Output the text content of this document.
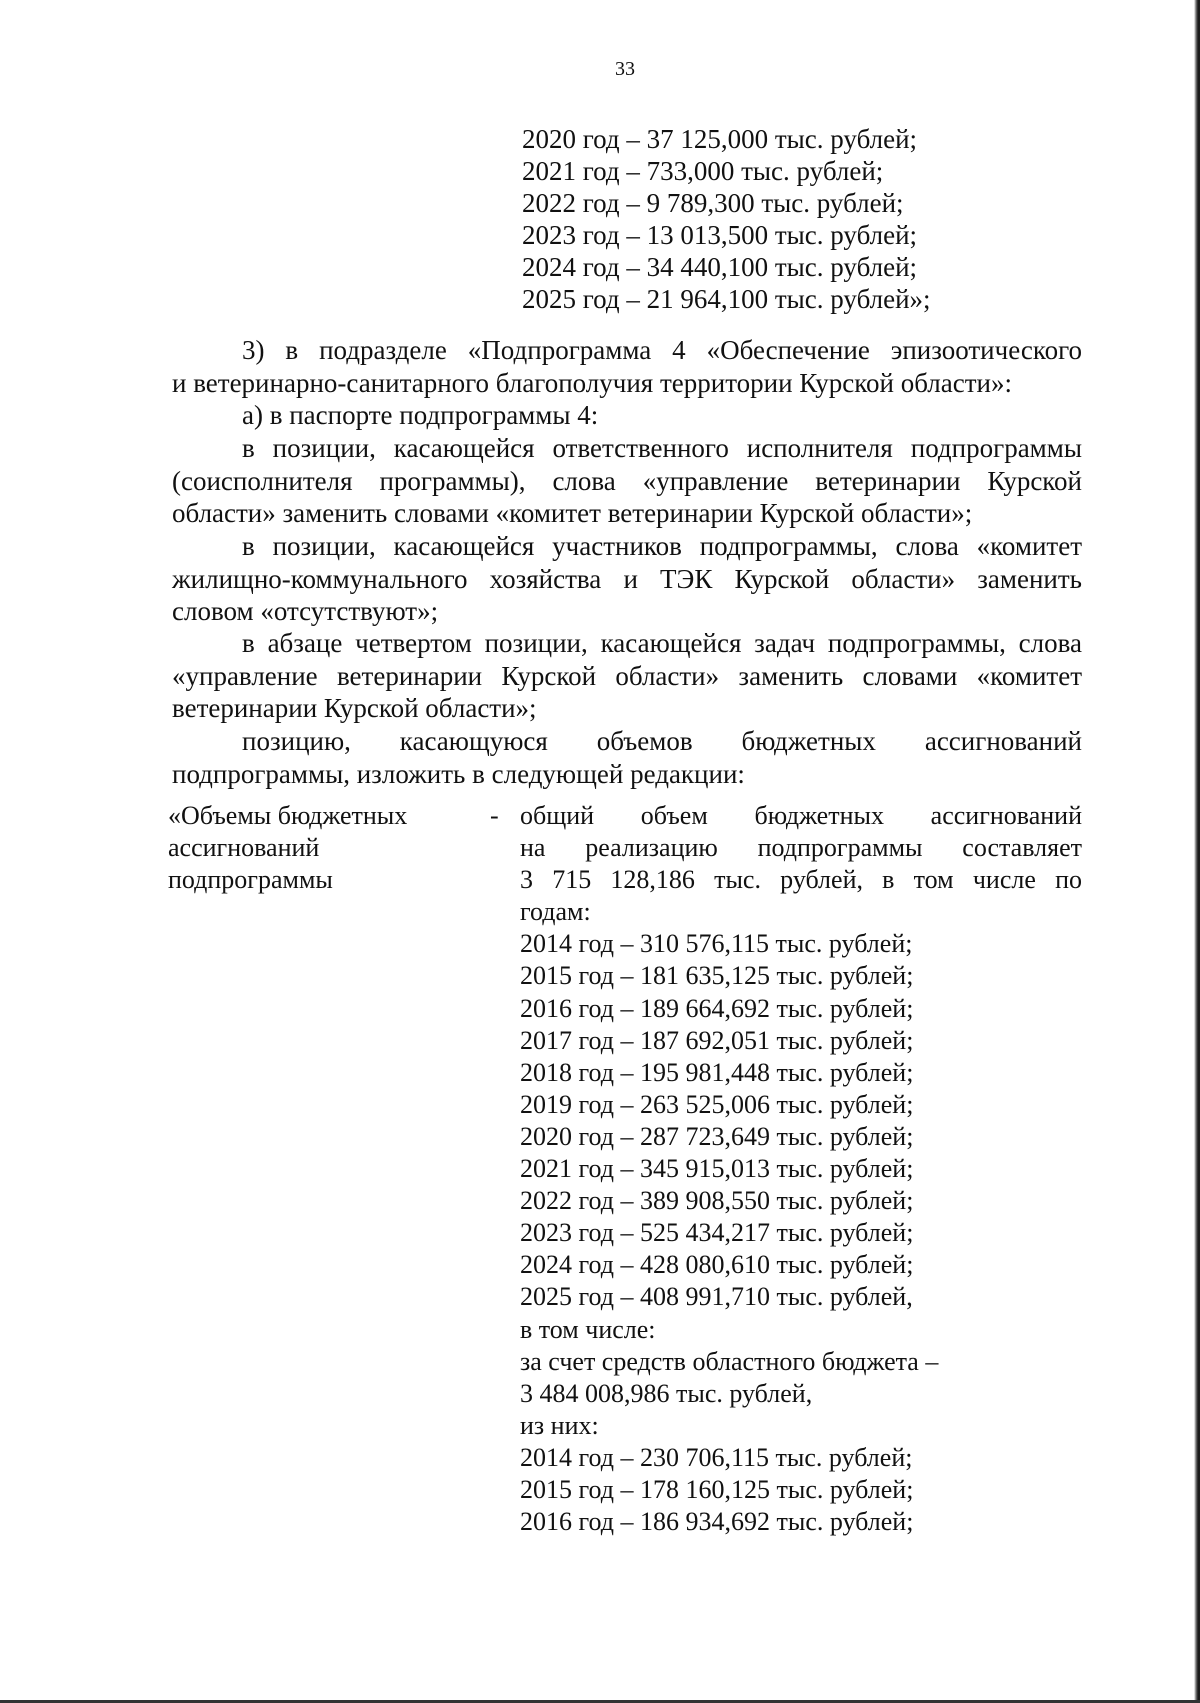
33
2020 год – 37 125,000 тыс. рублей;
2021 год – 733,000 тыс. рублей;
2022 год – 9 789,300 тыс. рублей;
2023 год – 13 013,500 тыс. рублей;
2024 год – 34 440,100 тыс. рублей;
2025 год – 21 964,100 тыс. рублей»;
3) в подразделе «Подпрограмма 4 «Обеспечение эпизоотического
и ветеринарно-санитарного благополучия территории Курской области»:
а) в паспорте подпрограммы 4:
в позиции, касающейся ответственного исполнителя подпрограммы
(соисполнителя программы), слова «управление ветеринарии Курской
области» заменить словами «комитет ветеринарии Курской области»;
в позиции, касающейся участников подпрограммы, слова «комитет
жилищно-коммунального хозяйства и ТЭК Курской области» заменить
словом «отсутствуют»;
в абзаце четвертом позиции, касающейся задач подпрограммы, слова
«управление ветеринарии Курской области» заменить словами «комитет
ветеринарии Курской области»;
позицию, касающуюся объемов бюджетных ассигнований
подпрограммы, изложить в следующей редакции:
«Объемы бюджетных
ассигнований
подпрограммы
- общий объем бюджетных ассигнований
на реализацию подпрограммы составляет
3 715 128,186 тыс. рублей, в том числе по
годам:
2014 год – 310 576,115 тыс. рублей;
2015 год – 181 635,125 тыс. рублей;
2016 год – 189 664,692 тыс. рублей;
2017 год – 187 692,051 тыс. рублей;
2018 год – 195 981,448 тыс. рублей;
2019 год – 263 525,006 тыс. рублей;
2020 год – 287 723,649 тыс. рублей;
2021 год – 345 915,013 тыс. рублей;
2022 год – 389 908,550 тыс. рублей;
2023 год – 525 434,217 тыс. рублей;
2024 год – 428 080,610 тыс. рублей;
2025 год – 408 991,710 тыс. рублей,
в том числе:
за счет средств областного бюджета –
3 484 008,986 тыс. рублей,
из них:
2014 год – 230 706,115 тыс. рублей;
2015 год – 178 160,125 тыс. рублей;
2016 год – 186 934,692 тыс. рублей;
